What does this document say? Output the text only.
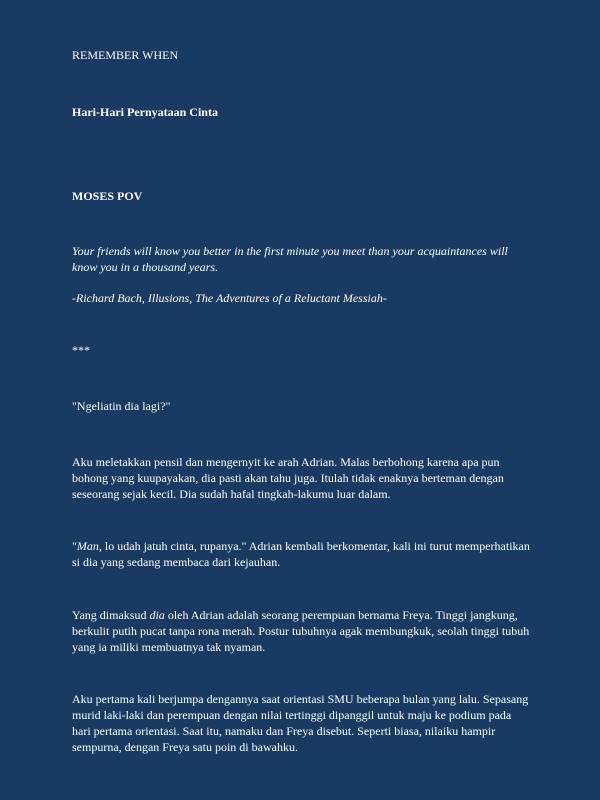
REMEMBER WHEN

Hari-Hari Pernyataan Cinta

MOSES POV

Your friends will know you better in the first minute you meet than your acquaintances will know you in a thousand years.

-Richard Bach, Illusions, The Adventures of a Reluctant Messiah-

***

"Ngeliatin dia lagi?"

Aku meletakkan pensil dan mengernyit ke arah Adrian. Malas berbohong karena apa pun bohong yang kuupayakan, dia pasti akan tahu juga. Itulah tidak enaknya berteman dengan seseorang sejak kecil. Dia sudah hafal tingkah-lakumu luar dalam.

"Man, lo udah jatuh cinta, rupanya." Adrian kembali berkomentar, kali ini turut memperhatikan si dia yang sedang membaca dari kejauhan.

Yang dimaksud dia oleh Adrian adalah seorang perempuan bernama Freya. Tinggi jangkung, berkulit putih pucat tanpa rona merah. Postur tubuhnya agak membungkuk, seolah tinggi tubuh yang ia miliki membuatnya tak nyaman.

Aku pertama kali berjumpa dengannya saat orientasi SMU beberapa bulan yang lalu. Sepasang murid laki-laki dan perempuan dengan nilai tertinggi dipanggil untuk maju ke podium pada hari pertama orientasi. Saat itu, namaku dan Freya disebut. Seperti biasa, nilaiku hampir sempurna, dengan Freya satu poin di bawahku.
